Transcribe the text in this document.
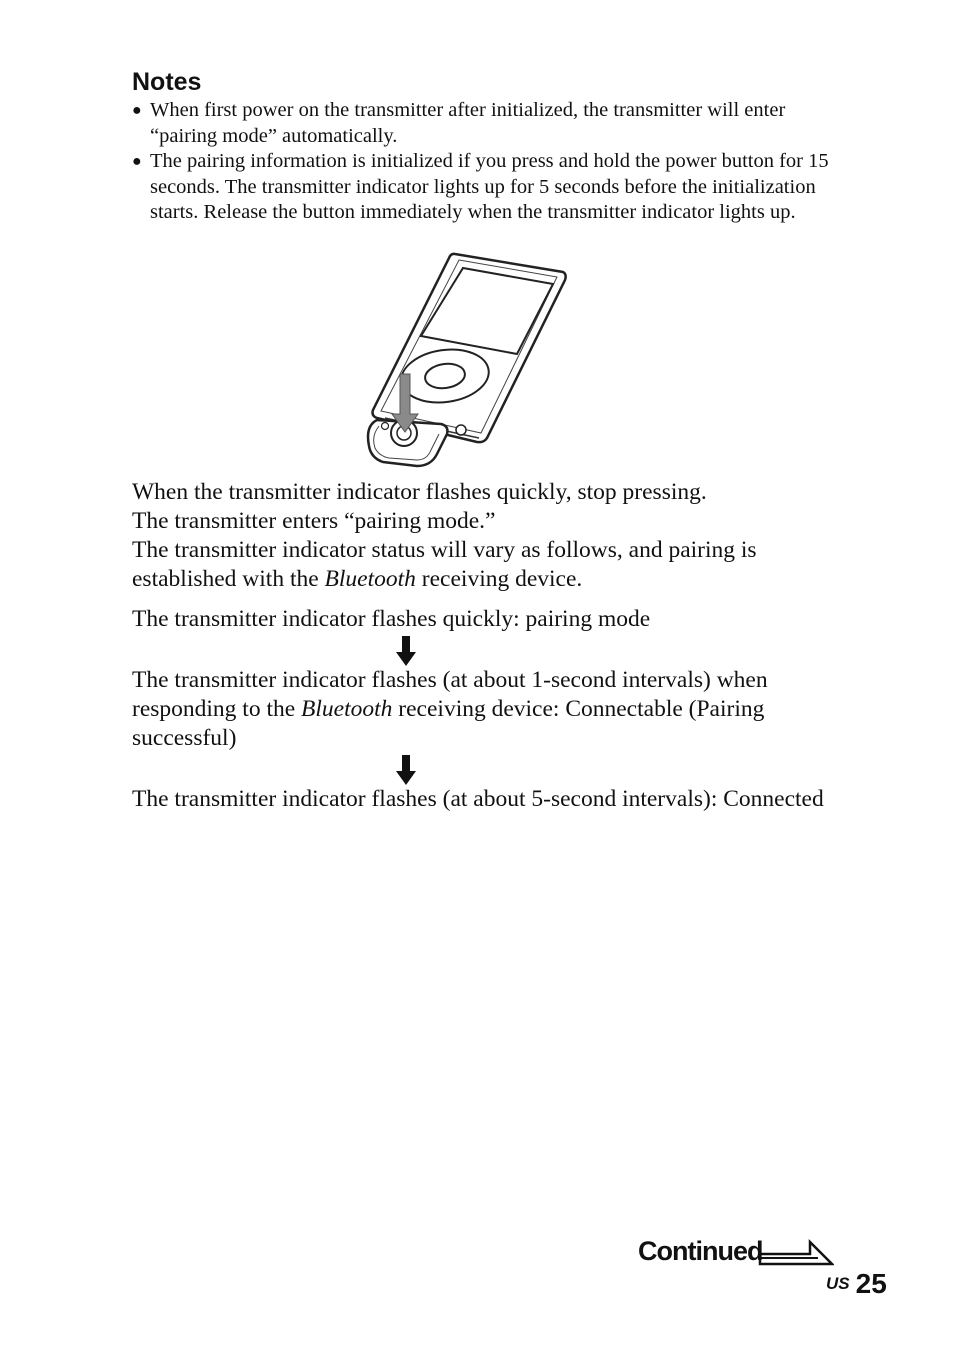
Notes
● When first power on the transmitter after initialized, the transmitter will enter “pairing mode” automatically.
● The pairing information is initialized if you press and hold the power button for 15 seconds. The transmitter indicator lights up for 5 seconds before the initialization starts. Release the button immediately when the transmitter indicator lights up.

When the transmitter indicator flashes quickly, stop pressing.

The transmitter enters “pairing mode.”

The transmitter indicator status will vary as follows, and pairing is established with the Bluetooth receiving device.

The transmitter indicator flashes quickly: pairing mode

The transmitter indicator flashes (at about 1-second intervals) when responding to the Bluetooth receiving device: Connectable (Pairing successful)

The transmitter indicator flashes (at about 5-second intervals): Connected

Continued
US 25
